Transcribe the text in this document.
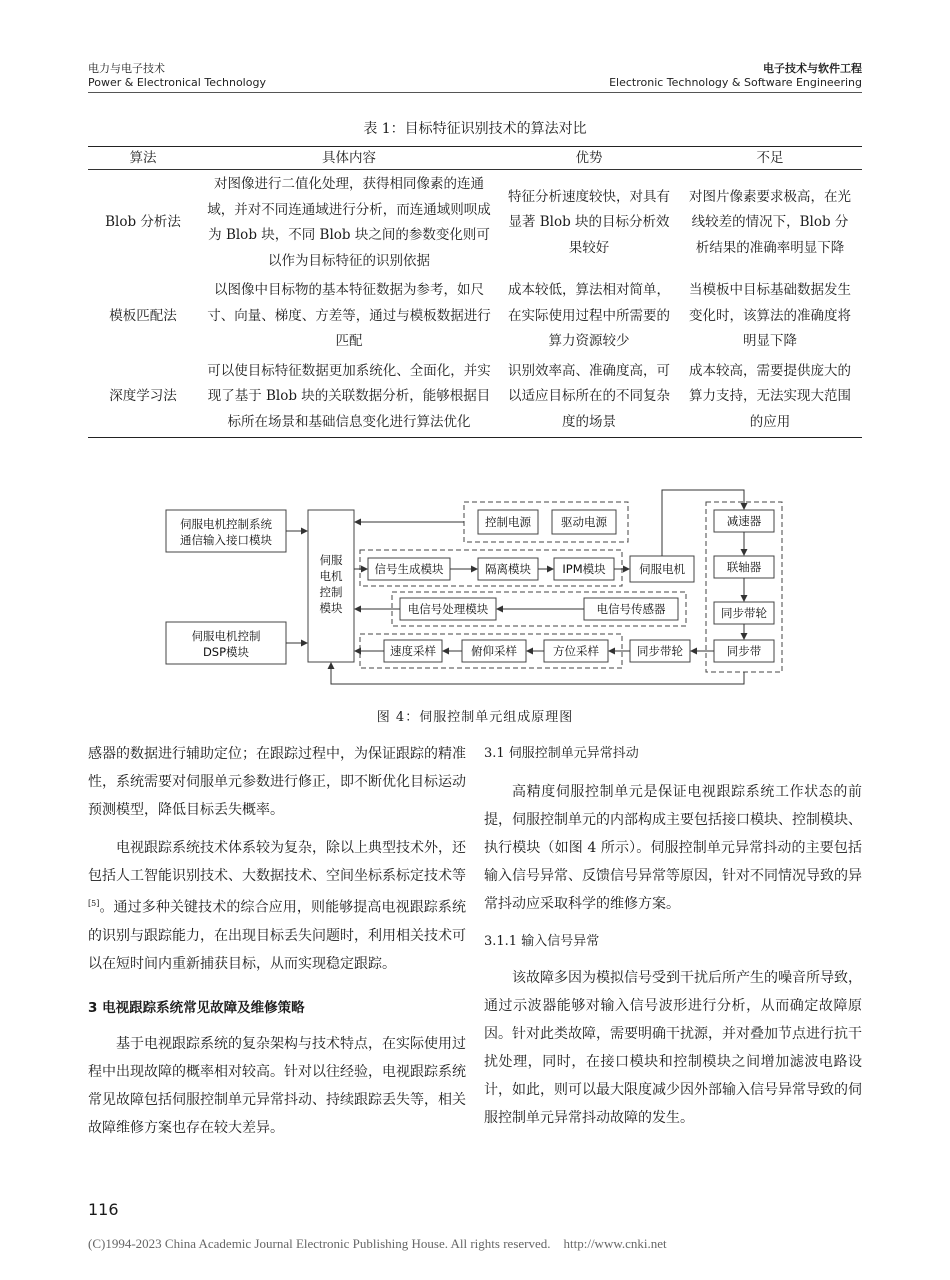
电力与电子技术
Power & Electronical Technology
电子技术与软件工程
Electronic Technology & Software Engineering
表 1：目标特征识别技术的算法对比
算法	具体内容	优势	不足
Blob 分析法	对图像进行二值化处理，获得相同像素的连通域，并对不同连通域进行分析，而连通域则呗成为 Blob 块，不同 Blob 块之间的参数变化则可以作为目标特征的识别依据	特征分析速度较快，对具有显著 Blob 块的目标分析效果较好	对图片像素要求极高，在光线较差的情况下，Blob 分析结果的准确率明显下降
模板匹配法	以图像中目标物的基本特征数据为参考，如尺寸、向量、梯度、方差等，通过与模板数据进行匹配	成本较低，算法相对简单，在实际使用过程中所需要的算力资源较少	当模板中目标基础数据发生变化时，该算法的准确度将明显下降
深度学习法	可以使目标特征数据更加系统化、全面化，并实现了基于 Blob 块的关联数据分析，能够根据目标所在场景和基础信息变化进行算法优化	识别效率高、准确度高，可以适应目标所在的不同复杂度的场景	成本较高，需要提供庞大的算力支持，无法实现大范围的应用
伺服电机控制系统
通信输入接口模块
伺服电机控制
DSP模块
伺服
电机
控制
模块
控制电源	驱动电源
信号生成模块	隔离模块	IPM模块	伺服电机
电信号处理模块	电信号传感器
速度采样	俯仰采样	方位采样	同步带轮
减速器
联轴器
同步带轮
同步带
图 4：伺服控制单元组成原理图

感器的数据进行辅助定位；在跟踪过程中，为保证跟踪的精准性，系统需要对伺服单元参数进行修正，即不断优化目标运动预测模型，降低目标丢失概率。

电视跟踪系统技术体系较为复杂，除以上典型技术外，还包括人工智能识别技术、大数据技术、空间坐标系标定技术等[5]。通过多种关键技术的综合应用，则能够提高电视跟踪系统的识别与跟踪能力，在出现目标丢失问题时，利用相关技术可以在短时间内重新捕获目标，从而实现稳定跟踪。

3 电视跟踪系统常见故障及维修策略

基于电视跟踪系统的复杂架构与技术特点，在实际使用过程中出现故障的概率相对较高。针对以往经验，电视跟踪系统常见故障包括伺服控制单元异常抖动、持续跟踪丢失等，相关故障维修方案也存在较大差异。

3.1 伺服控制单元异常抖动

高精度伺服控制单元是保证电视跟踪系统工作状态的前提，伺服控制单元的内部构成主要包括接口模块、控制模块、执行模块（如图 4 所示）。伺服控制单元异常抖动的主要包括输入信号异常、反馈信号异常等原因，针对不同情况导致的异常抖动应采取科学的维修方案。

3.1.1 输入信号异常

该故障多因为模拟信号受到干扰后所产生的噪音所导致，通过示波器能够对输入信号波形进行分析，从而确定故障原因。针对此类故障，需要明确干扰源，并对叠加节点进行抗干扰处理，同时，在接口模块和控制模块之间增加滤波电路设计，如此，则可以最大限度减少因外部输入信号异常导致的伺服控制单元异常抖动故障的发生。

116
(C)1994-2023 China Academic Journal Electronic Publishing House. All rights reserved.    http://www.cnki.net
